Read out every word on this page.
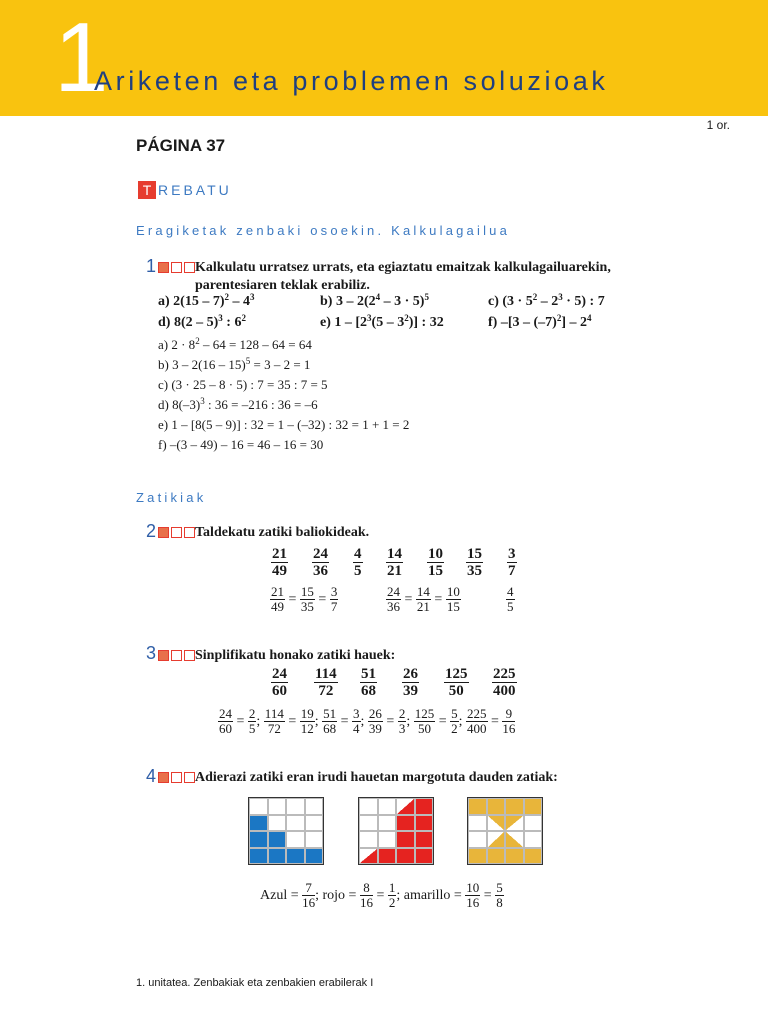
1
Ariketen eta problemen soluzioak
1 or.
PÁGINA 37
T REBATU
Eragiketak zenbaki osoekin. Kalkulagailua
1	Kalkulatu urratsez urrats, eta egiaztatu emaitzak kalkulagailuarekin, parentesiaren teklak erabiliz.
a) $2(15 - 7)^2 - 4^3$	b) $3 - 2(2^4 - 3 \cdot 5)^5$	c) $(3 \cdot 5^2 - 2^3 \cdot 5)$ : 7
d) 8(2 – 5)$^3$ : $6^2$	e) $1 - [2^3(5 - 3^2)]$ : 32	f) $-[3 - (-7)^2] - 2^4$
a) $2 \cdot 8^2 - 64 = 128 - 64 = 64$
b) 3 – 2(16 – 15)$^5$ = 3 – 2 = 1
c) (3 · 25 – 8 · 5) : 7 = 35 : 7 = 5
d) $8(-3)^3$ : 36 = –216 : 36 = –6
e) 1 – [8(5 – 9)] : 32 = 1 – (–32) : 32 = 1 + 1 = 2
f) –(3 – 49) – 16 = 46 – 16 = 30
Zatikiak
2	Taldekatu zatiki baliokideak.
$\frac{21}{49} = \frac{15}{35} = \frac{3}{7}$	$\frac{24}{36} = \frac{14}{21} = \frac{10}{15}$	$\frac{4}{5}$
3	Sinplifikatu honako zatiki hauek:
$\frac{24}{60} = \frac{2}{5}$ ; $\frac{114}{72} = \frac{19}{12}$ ; $\frac{51}{68} = \frac{3}{4}$ ; $\frac{26}{39} = \frac{2}{3}$ ; $\frac{125}{50} = \frac{5}{2}$ ; $\frac{225}{400} = \frac{9}{16}$
4	Adierazi zatiki eran irudi hauetan margotuta dauden zatiak:
Azul = $\frac{7}{16}$ ; rojo = $\frac{8}{16} = \frac{1}{2}$ ; amarillo = $\frac{10}{16} = \frac{5}{8}$
1. unitatea. Zenbakiak eta zenbakien erabilerak I
$\frac{21}{49} \frac{24}{36} \frac{4}{5} \frac{14}{21} \frac{10}{15} \frac{15}{35} \frac{3}{7}$
$\frac{24}{60} \frac{114}{72} \frac{51}{68} \frac{26}{39} \frac{125}{50} \frac{225}{400}$
